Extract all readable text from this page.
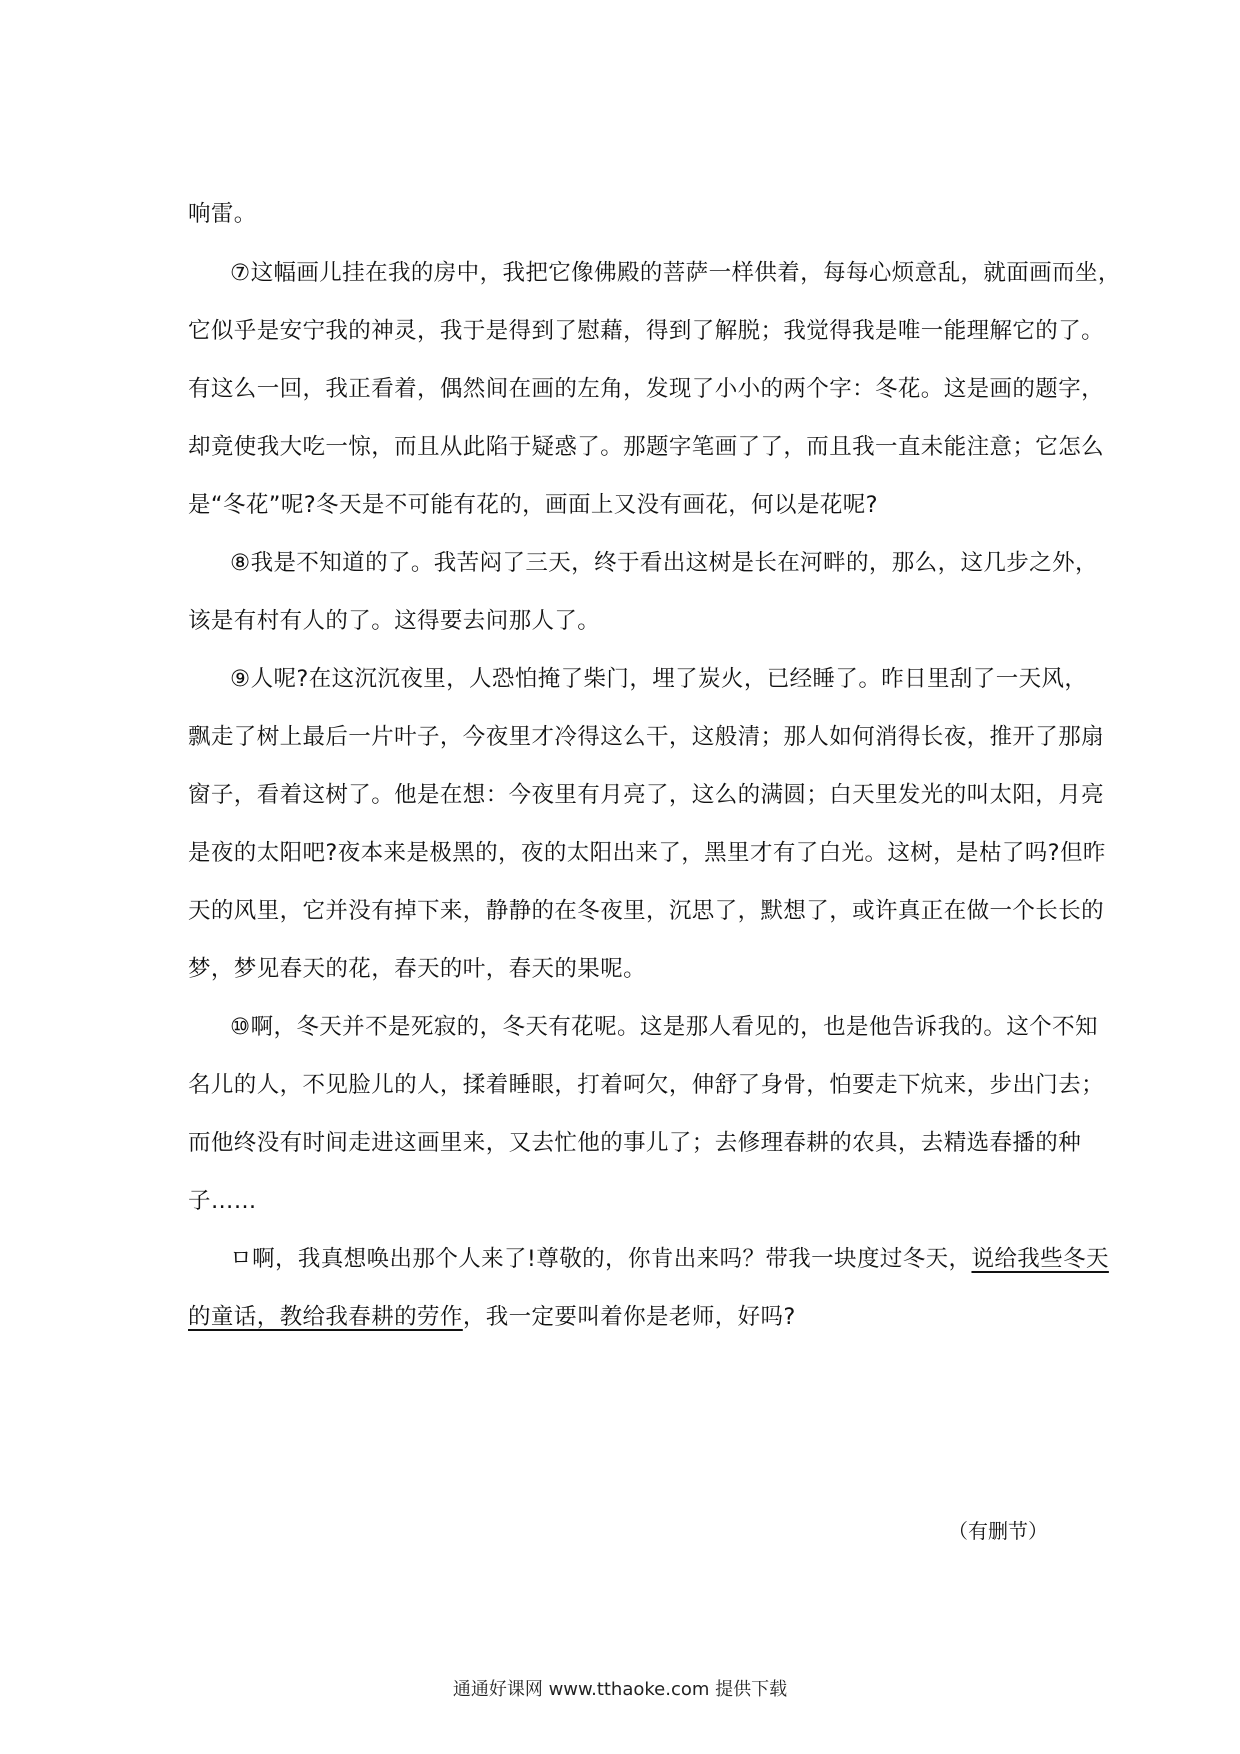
响雷。
⑦这幅画儿挂在我的房中，我把它像佛殿的菩萨一样供着，每每心烦意乱，就面画而坐，
它似乎是安宁我的神灵，我于是得到了慰藉，得到了解脱；我觉得我是唯一能理解它的了。
有这么一回，我正看着，偶然间在画的左角，发现了小小的两个字：冬花。这是画的题字，
却竟使我大吃一惊，而且从此陷于疑惑了。那题字笔画了了，而且我一直未能注意；它怎么
是“冬花”呢?冬天是不可能有花的，画面上又没有画花，何以是花呢?
⑧我是不知道的了。我苦闷了三天，终于看出这树是长在河畔的，那么，这几步之外，
该是有村有人的了。这得要去问那人了。
⑨人呢?在这沉沉夜里，人恐怕掩了柴门，埋了炭火，已经睡了。昨日里刮了一天风，
飘走了树上最后一片叶子，今夜里才冷得这么干，这般清；那人如何消得长夜，推开了那扇
窗子，看着这树了。他是在想：今夜里有月亮了，这么的满圆；白天里发光的叫太阳，月亮
是夜的太阳吧?夜本来是极黑的，夜的太阳出来了，黑里才有了白光。这树，是枯了吗?但昨
天的风里，它并没有掉下来，静静的在冬夜里，沉思了，默想了，或许真正在做一个长长的
梦，梦见春天的花，春天的叶，春天的果呢。
⑩啊，冬天并不是死寂的，冬天有花呢。这是那人看见的，也是他告诉我的。这个不知
名儿的人，不见脸儿的人，揉着睡眼，打着呵欠，伸舒了身骨，怕要走下炕来，步出门去；
而他终没有时间走进这画里来，又去忙他的事儿了；去修理春耕的农具，去精选春播的种
子……
ㅁ啊，我真想唤出那个人来了!尊敬的，你肯出来吗？带我一块度过冬天，说给我些冬天
的童话，教给我春耕的劳作，我一定要叫着你是老师，好吗?
（有删节）
通通好课网 www.tthaoke.com 提供下载
